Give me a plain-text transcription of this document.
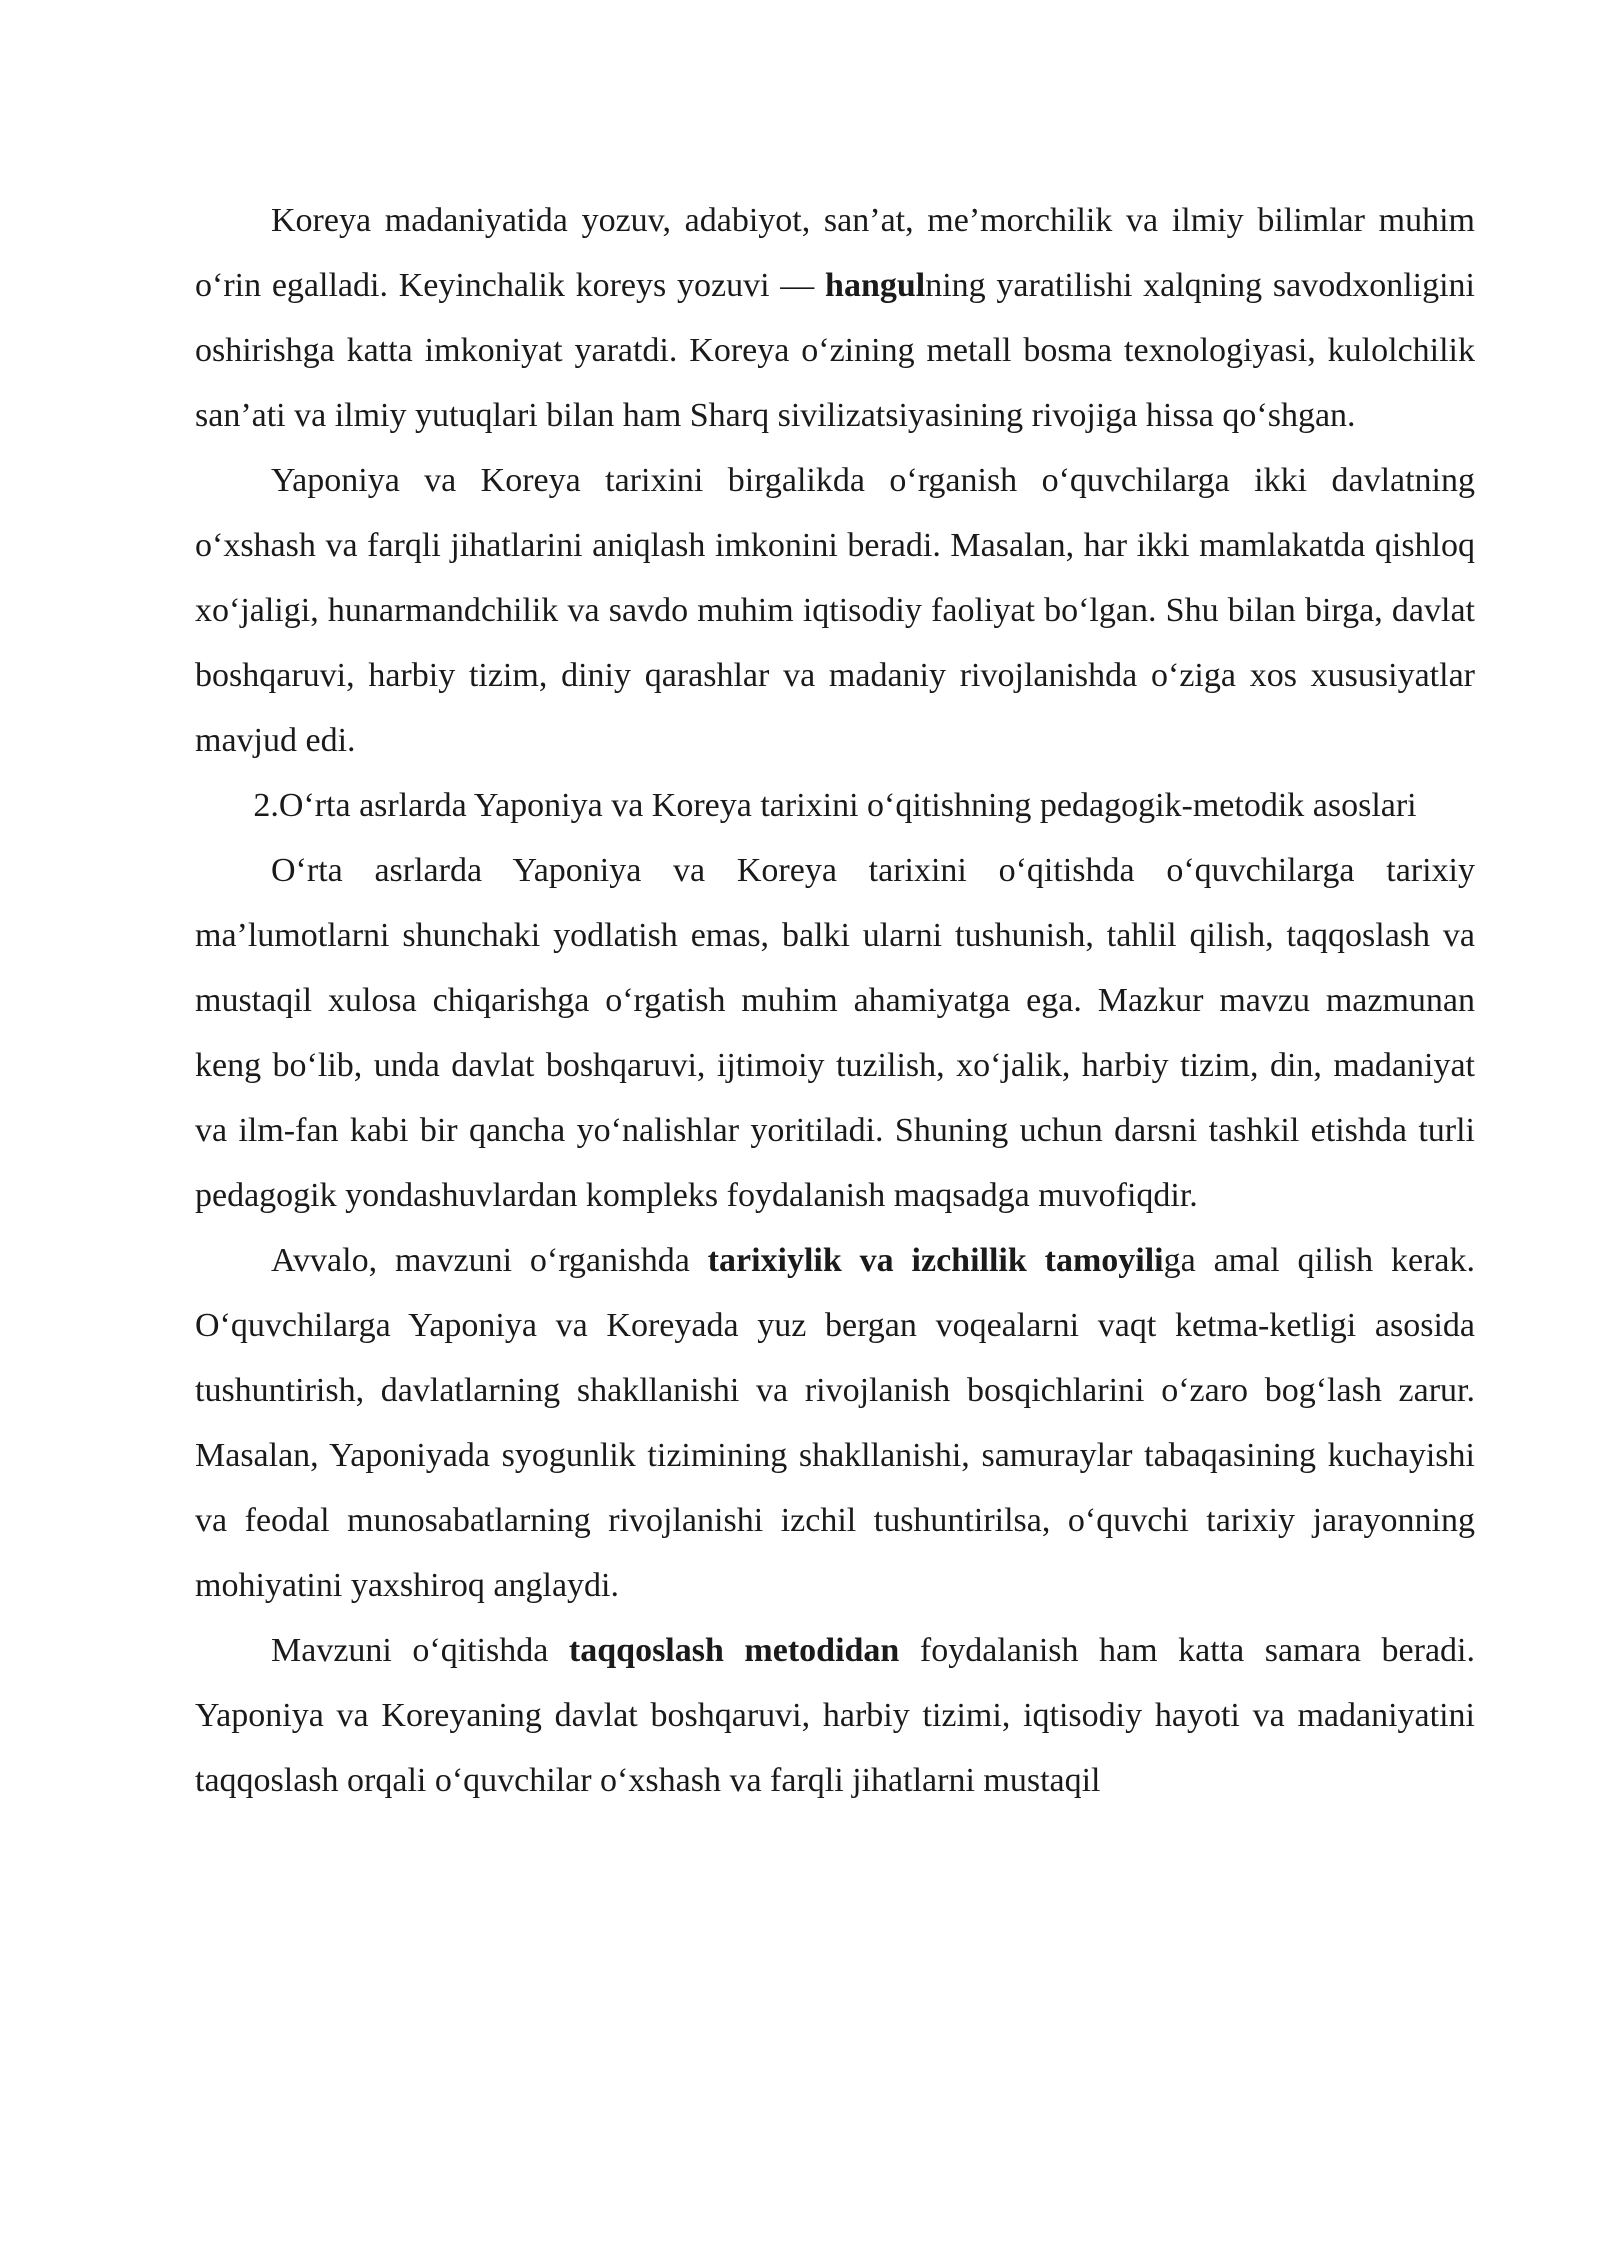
Koreya madaniyatida yozuv, adabiyot, san’at, me’morchilik va ilmiy bilimlar muhim o‘rin egalladi. Keyinchalik koreys yozuvi — hangulning yaratilishi xalqning savodxonligini oshirishga katta imkoniyat yaratdi. Koreya o‘zining metall bosma texnologiyasi, kulolchilik san’ati va ilmiy yutuqlari bilan ham Sharq sivilizatsiyasining rivojiga hissa qo‘shgan.

Yaponiya va Koreya tarixini birgalikda o‘rganish o‘quvchilarga ikki davlatning o‘xshash va farqli jihatlarini aniqlash imkonini beradi. Masalan, har ikki mamlakatda qishloq xo‘jaligi, hunarmandchilik va savdo muhim iqtisodiy faoliyat bo‘lgan. Shu bilan birga, davlat boshqaruvi, harbiy tizim, diniy qarashlar va madaniy rivojlanishda o‘ziga xos xususiyatlar mavjud edi.

2.O‘rta asrlarda Yaponiya va Koreya tarixini o‘qitishning pedagogik-metodik asoslari

O‘rta asrlarda Yaponiya va Koreya tarixini o‘qitishda o‘quvchilarga tarixiy ma’lumotlarni shunchaki yodlatish emas, balki ularni tushunish, tahlil qilish, taqqoslash va mustaqil xulosa chiqarishga o‘rgatish muhim ahamiyatga ega. Mazkur mavzu mazmunan keng bo‘lib, unda davlat boshqaruvi, ijtimoiy tuzilish, xo‘jalik, harbiy tizim, din, madaniyat va ilm-fan kabi bir qancha yo‘nalishlar yoritiladi. Shuning uchun darsni tashkil etishda turli pedagogik yondashuvlardan kompleks foydalanish maqsadga muvofiqdir.

Avvalo, mavzuni o‘rganishda tarixiylik va izchillik tamoyiliga amal qilish kerak. O‘quvchilarga Yaponiya va Koreyada yuz bergan voqealarni vaqt ketma-ketligi asosida tushuntirish, davlatlarning shakllanishi va rivojlanish bosqichlarini o‘zaro bog‘lash zarur. Masalan, Yaponiyada syogunlik tizimining shakllanishi, samuraylar tabaqasining kuchayishi va feodal munosabatlarning rivojlanishi izchil tushuntirilsa, o‘quvchi tarixiy jarayonning mohiyatini yaxshiroq anglaydi.

Mavzuni o‘qitishda taqqoslash metodidan foydalanish ham katta samara beradi. Yaponiya va Koreyaning davlat boshqaruvi, harbiy tizimi, iqtisodiy hayoti va madaniyatini taqqoslash orqali o‘quvchilar o‘xshash va farqli jihatlarni mustaqil
